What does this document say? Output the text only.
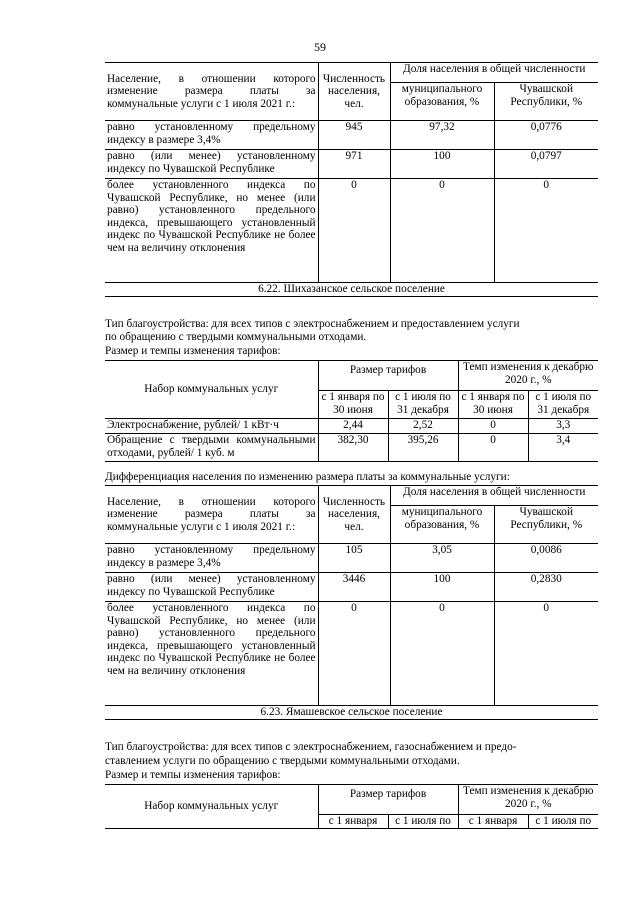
59
Население, в отношении которого изменение размера платы за коммунальные услуги с 1 июля 2021 г.:	Численность населения, чел.	Доля населения в общей численности	
		муниципального образования, %	Чувашской Республики, %
равно установленному предельному индексу в размере 3,4%	945	97,32	0,0776
равно (или менее) установленному индексу по Чувашской Республике	971	100	0,0797
более установленного индекса по Чувашской Республике, но менее (или равно) установленного предельного индекса, превышающего установленный индекс по Чувашской Республике не более чем на величину отклонения	0	0	0
6.22. Шихазанское сельское поселение			
Тип благоустройства: для всех типов с электроснабжением и предоставлением услуги
по обращению с твердыми коммунальными отходами.
Размер и темпы изменения тарифов:
Набор коммунальных услуг	Размер тарифов		Темп изменения к декабрю 2020 г., %	
	с 1 января по 30 июня	с 1 июля по 31 декабря	с 1 января по 30 июня	с 1 июля по 31 декабря
Электроснабжение, рублей/ 1 кВт·ч	2,44	2,52	0	3,3
Обращение с твердыми коммунальными отходами, рублей/ 1 куб. м	382,30	395,26	0	3,4
Дифференциация населения по изменению размера платы за коммунальные услуги:
Население, в отношении которого изменение размера платы за коммунальные услуги с 1 июля 2021 г.:	Численность населения, чел.	Доля населения в общей численности	
		муниципального образования, %	Чувашской Республики, %
равно установленному предельному индексу в размере 3,4%	105	3,05	0,0086
равно (или менее) установленному индексу по Чувашской Республике	3446	100	0,2830
более установленного индекса по Чувашской Республике, но менее (или равно) установленного предельного индекса, превышающего установленный индекс по Чувашской Республике не более чем на величину отклонения	0	0	0
6.23. Ямашевское сельское поселение			
Тип благоустройства: для всех типов с электроснабжением, газоснабжением и предо-
ставлением услуги по обращению с твердыми коммунальными отходами.
Размер и темпы изменения тарифов:
Набор коммунальных услуг	Размер тарифов		Темп изменения к декабрю 2020 г., %	
	с 1 января	с 1 июля по	с 1 января	с 1 июля по
